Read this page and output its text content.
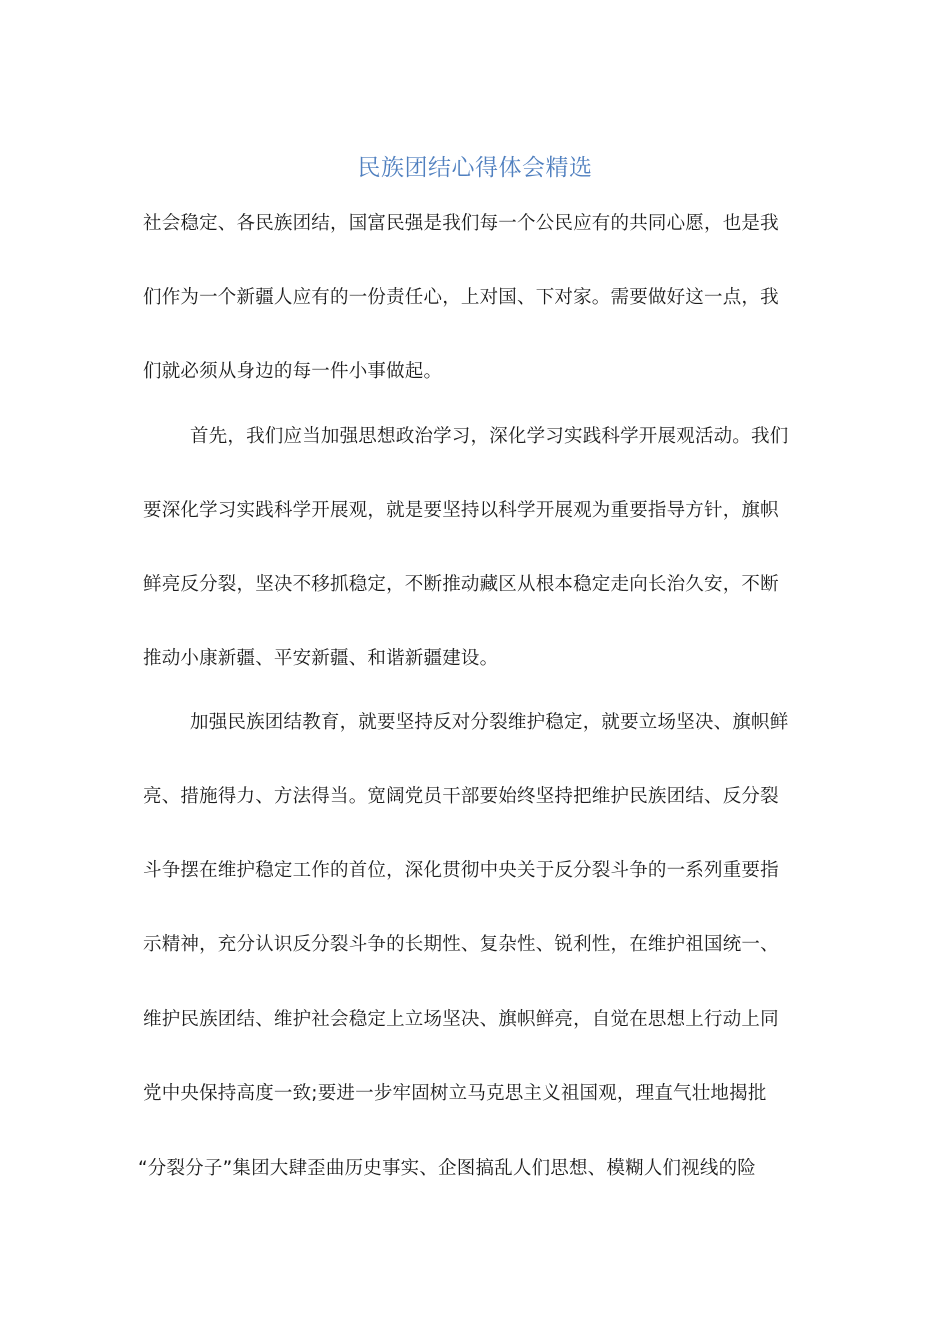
民族团结心得体会精选
社会稳定、各民族团结，国富民强是我们每一个公民应有的共同心愿，也是我
们作为一个新疆人应有的一份责任心，上对国、下对家。需要做好这一点，我
们就必须从身边的每一件小事做起。
首先，我们应当加强思想政治学习，深化学习实践科学开展观活动。我们
要深化学习实践科学开展观，就是要坚持以科学开展观为重要指导方针，旗帜
鲜亮反分裂，坚决不移抓稳定，不断推动藏区从根本稳定走向长治久安，不断
推动小康新疆、平安新疆、和谐新疆建设。
加强民族团结教育，就要坚持反对分裂维护稳定，就要立场坚决、旗帜鲜
亮、措施得力、方法得当。宽阔党员干部要始终坚持把维护民族团结、反分裂
斗争摆在维护稳定工作的首位，深化贯彻中央关于反分裂斗争的一系列重要指
示精神，充分认识反分裂斗争的长期性、复杂性、锐利性，在维护祖国统一、
维护民族团结、维护社会稳定上立场坚决、旗帜鲜亮，自觉在思想上行动上同
党中央保持高度一致;要进一步牢固树立马克思主义祖国观，理直气壮地揭批
“分裂分子”集团大肆歪曲历史事实、企图搞乱人们思想、模糊人们视线的险
